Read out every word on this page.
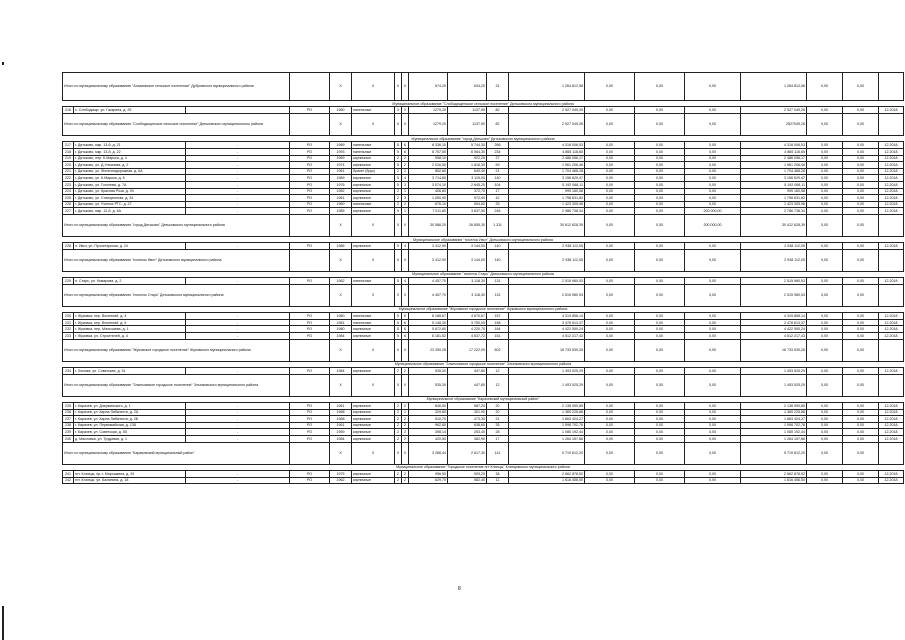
Итого по муниципальному образованию "Алымовское сельское поселение" Дубровского муниципального района				X	X	X	X	674,20	634,20	31	1 264 812,58	0,00	0,00	0,00	1 264 812,58	0,00	0,00	
Муниципальное образование "Слободищенское сельское поселение" Дятьковского муниципального района																		
216	с. Слободище, ул. Гагарина, д. 25		РО	1960	панельные	3	2	1279,20	1137,90	82	2 527 049,26	0,00	0,00	0,00	2 527 049,26	0,00	0,00	12.2018
Итого по муниципальному образованию "Слободищенское сельское поселение" Дятьковского муниципального района				X	X	X	X	1279,20	1137,90	82	2 527 049,26	0,00	0,00	0,00	2527049,26	0,00	0,00	
Муниципальное образование "город Дятьково" Дятьковского муниципального района																		
217	г. Дятьково, мкр. 13-й, д. 21	-	РО	1989	панельные	5	6	8 336,10	5 744,30	266	4 318 006,53	0,00	0,00	0,00	4 318 006,53	0,00	0,00	12.2018
218	г. Дятьково, мкр. 13-й, д. 22	-	РО	1993	панельные	5	6	6 757,50	6 064,30	234	4 865 116,65	0,00	0,00	0,00	4 865 116,65	0,00	0,00	12.2018
219	г. Дятьково, пер. К.Маркса, д. 4	-	РО	1969	кирпичные	2	2	958,10	922,20	27	2 486 096,17	0,00	0,00	0,00	2 486 096,17	0,00	0,00	12.2018
220	г. Дятьково, ул. Д.Ульянова, д. 2	-	РО	1974	кирпичные	5	2	2 016,50	1 816,30	59	1 961 206,46	0,00	0,00	0,00	1 961 206,46	0,00	0,00	12.2018
221	г. Дятьково, ул. Железнодорожная, д. 6А	-	РО	1961	брикет (брус)	2	2	852,60	640,40	21	1 704 468,28	0,00	0,00	0,00	1 704 468,28	0,00	0,00	12.2018
222	г. Дятьково, ул. К.Маркса, д. 5	-	РО	1989	кирпичные	5	4	3 714,80	3 119,00	140	3 156 629,47	0,00	0,00	0,00	3 156 629,47	0,00	0,00	12.2018
223	г. Дятьково, ул. Гоголева, д. 7А	-	РО	1976	кирпичные	5	3	3 074,10	2 645,20	104	5 192 068,11	0,00	0,00	0,00	5 192 068,11	0,00	0,00	12.2018
224	г. Дятьково, ул. Красная Роза, д. 94	-	РО	1982	кирпичные	2	1	406,80	372,70	17	999 160,58	0,00	0,00	0,00	999 160,58	0,00	0,00	12.2018
225	г. Дятьково, ул. Станционная, д. 34	-	РО	1961	кирпичные	2	3	1 050,90	972,40	42	1 798 631,82	0,00	0,00	0,00	1 798 631,82	0,00	0,00	12.2018
226	г. Дятьково, ул. Ученых РТС, д. 27	-	РО	1960	панельные	2	2	676,10	594,60	25	1 423 305,96	0,00	0,00	0,00	1 423 305,96	0,00	0,00	12.2018
227	г. Дятьково, мкр. 12-й, д. 6А	-	РО	1985	кирпичные	9	1	7 011,80	3 637,50	246	2 986 738,34	0,00	0,00	200 000,00	2 786 738,34	0,00	0,00	12.2018
Итого по муниципальному образованию "город Дятьково" Дятьковского муниципального района				X	X	X	X	30 588,20	26 655,30	1 311	30 612 628,39	0,00	0,00	200 000,00	30 412 628,39	0,00	0,00	
Муниципальное образование "поселок Ивот" Дятьковского муниципального района																		
228	п. Ивот, ул. Пролетарская, д. 24	-	РО	1986	кирпичные	5	4	3 412,90	3 144,00	140	2 938 112,05	0,00	0,00	0,00	2 938 112,05	0,00	0,00	12.2018
Итого по муниципальному образованию "поселок Ивот" Дятьковского муниципального района				X	X	X	X	3 412,90	3 144,00	140	2 938 112,05	0,00	0,00	0,00	2 938 112,05	0,00	0,00	
Муниципальное образование "поселок Старь" Дятьковского муниципального района																		
229	п. Старь, ул. Комарова, д. 2	-	РО	1982	панельные	5	4	4 457,70	3 118,30	131	2 515 980,53	0,00	0,00	0,00	2 515 980,53	0,00	0,00	12.2018
Итого по муниципальному образованию "поселок Старь" Дятьковского муниципального района				X	X	X	X	4 457,70	3 118,30	131	2 515 980,53	0,00	0,00	0,00	2 515 980,53	0,00	0,00	
Муниципальное образование "Жуковское городское поселение" Жуковского муниципального района																		
230	г. Жуковка, пер. Весенний, д. 4	-	РО	1980	панельные	5	6	6 188,67	4 670,67	157	4 319 858,14	0,00	0,00	0,00	4 319 858,14	0,00	0,00	12.2018
231	г. Жуковка, пер. Весенний, д. 6	-	РО	1981	панельные	5	6	5 148,30	3 750,00	158	3 478 613,37	0,00	0,00	0,00	3 478 613,37	0,00	0,00	12.2018
232	г. Жуковка, пер. Малышева, д. 1	-	РО	1980	кирпичные	5	6	5 872,80	4 220,70	164	4 422 550,24	0,00	0,00	0,00	4 422 550,24	0,00	0,00	12.2018
233	г. Жуковка, ул. Строителей, д. 4	-	РО	1984	кирпичные	5	6	6 181,52	4 637,72	151	4 512 217,43	0,00	0,00	0,00	4 512 217,43	0,00	0,00	12.2018
Итого по муниципальному образованию "Жуковское городское поселение" Жуковского муниципального района				X	X	X	X	23 359,28	17 222,09	602	16 733 539,28	0,00	0,00	0,00	16 733 539,28	0,00	0,00	
Муниципальное образование "Злынковское городское поселение" Злынковского муниципального района																		
234	г. Злынка, ул. Советская, д. 51	-	РО	1984	кирпичные	2	2	535,30	447,80	12	1 493 525,29	0,00	0,00	0,00	1 493 525,29	0,00	0,00	12.2018
Итого по муниципальному образованию "Злынковское городское поселение" Злынковского муниципального района				X	X	X	X	535,30	447,80	12	1 493 525,29	0,00	0,00	0,00	1 493 525,29	0,00	0,00	
Муниципальное образование "Карачевский муниципальный район"																		
235	г. Карачев, ул. Дзержинского, д. 1	-	РО	1961	кирпичные	2	2	646,50	587,20	20	2 138 990,85	0,00	0,00	0,00	2 138 990,85	0,00	0,00	12.2018
236	г. Карачев, ул. Карла Либкнехта, д. 2А	-	РО	1968	кирпичные	2	1	329,80	301,90	20	1 369 225,88	0,00	0,00	0,00	1 369 225,88	0,00	0,00	12.2018
237	г. Карачев, ул. Карла Либкнехта, д. 2Б	-	РО	1968	кирпичные	2	2	510,70	473,30	21	1 863 424,27	0,00	0,00	0,00	1 863 424,27	0,00	0,00	12.2018
238	г. Карачев, ул. Первомайская, д. 138	-	РО	1961	кирпичные	2	2	962,80	638,60	35	1 998 702,76	0,00	0,00	0,00	1 998 702,76	0,00	0,00	12.2018
239	г. Карачев, ул. Советская, д. 55	-	РО	1959	кирпичные	2	2	398,14	253,40	28	1 085 192,44	0,00	0,00	0,00	1 085 192,44	0,00	0,00	12.2018
240	д. Масловка, ул. Трудовая, д. 1	-	РО	1984	кирпичные	2	2	420,50	382,90	17	1 264 157,66	0,00	0,00	0,00	1 264 157,66	0,00	0,00	12.2018
Итого по муниципальному образованию "Карачевский муниципальный район"				X	X	X	X	3 268,44	2 617,30	141	9 719 612,20	0,00	0,00	0,00	9 719 612,20	0,00	0,00	
Муниципальное образование "Городское поселение пгт Клинцы" Клинцовского муниципального района																		
241	пгт. Клинцы, пр-т. Мирошкина, д. 29	-	РО	1975	кирпичные	2	2	956,90	909,20	38	2 662 878,52	0,00	0,00	0,00	2 662 878,52	0,00	0,00	12.2018
242	пгт. Клинцы, ул. Калинина, д. 18	-	РО	1962	кирпичные	2	2	629,70	582,40	11	1 616 456,50	0,00	0,00	0,00	1 616 456,50	0,00	0,00	12.2018
8
